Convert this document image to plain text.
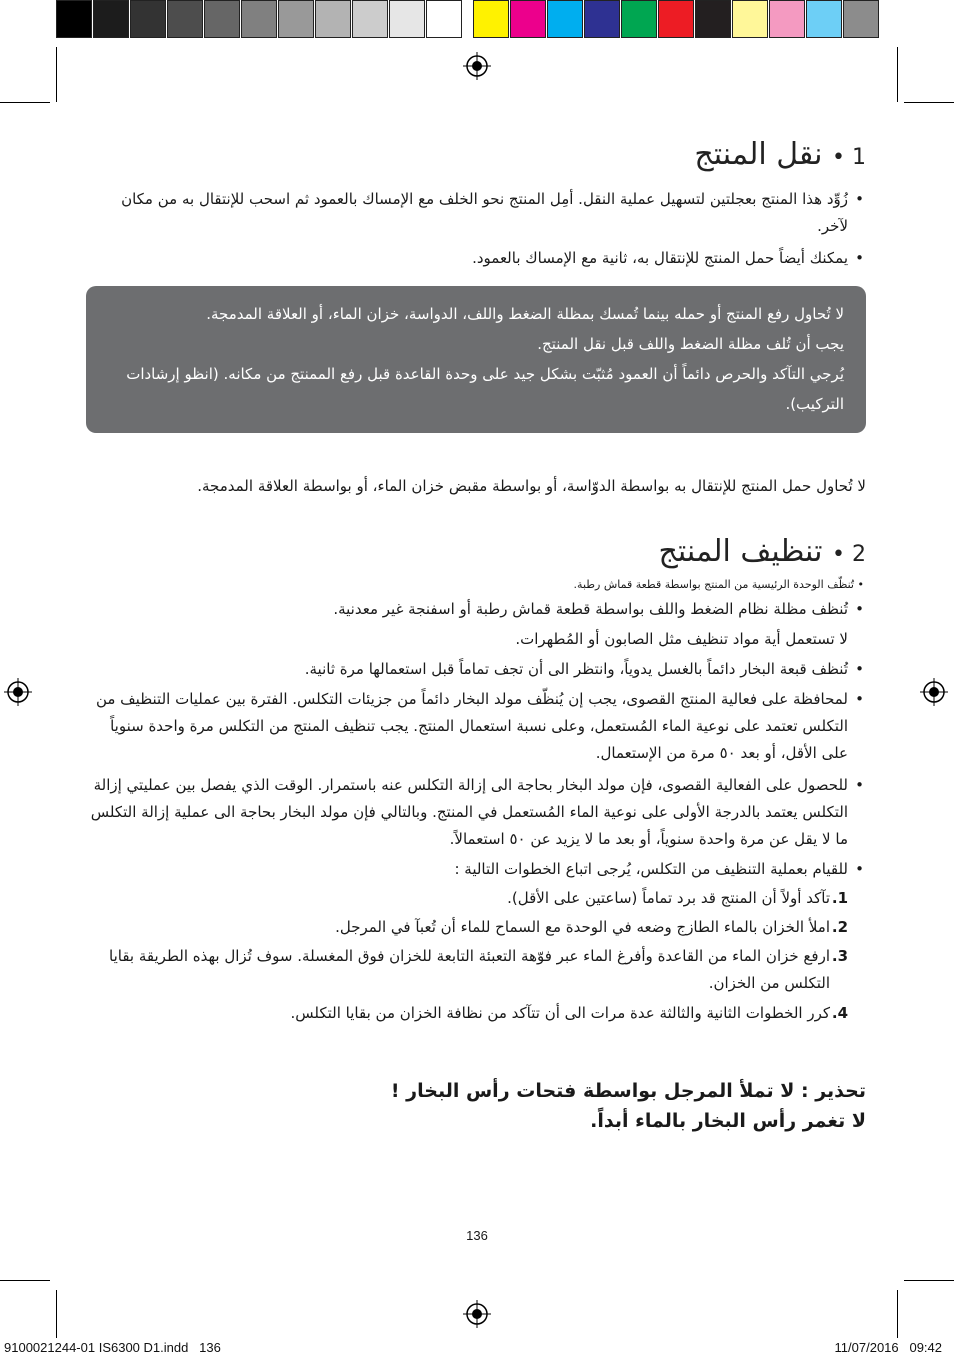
1 • نقل المنتج

• زُوِّد هذا المنتج بعجلتين لتسهيل عملية النقل. أمِل المنتج نحو الخلف مع الإمساك بالعمود ثم اسحب للإنتقال به من مكان لآخر.

• يمكنك أيضاً حمل المنتج للإنتقال به، ثانية مع الإمساك بالعمود.

لا تُحاول رفع المنتج أو حمله بينما تُمسك بمظلة الضغط واللف، الدواسة، خزان الماء، أو العلاقة المدمجة.
يجب أن تُلف مظلة الضغط واللف قبل نقل المنتج.
يُرجي التآكد والحرص دائماً أن العمود مُثبّت بشكل جيد على وحدة القاعدة قبل رفع الممنتج من مكانه. (انظو إرشادات التركيب).

لا تُحاول حمل المنتج للإنتقال به بواسطة الدوّاسة، أو بواسطة مقبض خزان الماء، أو بواسطة العلاقة المدمجة.

2 • تنظيف المنتج

• تُنظّف الوحدة الرئيسية من المنتج بواسطة قطعة قماش رطبة.

• تُنظف مظلة نظام الضغط واللف بواسطة قطعة قماش رطبة أو اسفنجة غير معدنية.

لا تستعمل أية مواد تنظيف مثل الصابون أو المُطهرات.

• تُنظف قبعة البخار دائماً بالغسل يدوياً، وانتظر الى أن تجف تماماً قبل استعمالها مرة ثانية.

• لمحافظة على فعالية المنتج القصوى، يجب إن يُنظّف مولد البخار دائماً من جزيئات التكلس. الفترة بين عمليات التنظيف من التكلس تعتمد على نوعية الماء المُستعمل، وعلى نسبة استعمال المنتج. يجب تنظيف المنتج من التكلس مرة واحدة سنوياً على الأقل، أو بعد ٥٠ مرة من الإستعمال.

• للحصول على الفعالية القصوى، فإن مولد البخار بحاجة الى إزالة التكلس عنه باستمرار. الوقت الذي يفصل بين عمليتي إزالة التكلس يعتمد بالدرجة الأولى على نوعية الماء المُستعمل في المنتج. وبالتالي فإن مولد البخار بحاجة الى عملية إزالة التكلس ما لا يقل عن مرة واحدة سنوياً، أو بعد ما لا يزيد عن ٥٠ استعمالاً.

• للقيام بعملية التنظيف من التكلس، يُرجى اتباع الخطوات التالية :

1.
تآكد أولاً أن المنتج قد برد تماماً (ساعتين على الأقل).

2.
املأ الخزان بالماء الطازج وضعه في الوحدة مع السماح للماء أن تُعبآ في المرجل.

3.
ارفع خزان الماء من القاعدة وأفرغ الماء عبر فوّهة التعبئة التابعة للخزان فوق المغسلة. سوف تُزال بهذه الطريقة بقايا التكلس من الخزان.

4.
كرر الخطوات الثانية والثالثة عدة مرات الى أن تتآكد من نظافة الخزان من بقايا التكلس.

تحذير : لا تملأ المرجل بواسطة فتحات رأس البخار !

لا تغمر رأس البخار بالماء أبداً.

136
9100021244-01 IS6300 D1.indd   136	11/07/2016   09:42
